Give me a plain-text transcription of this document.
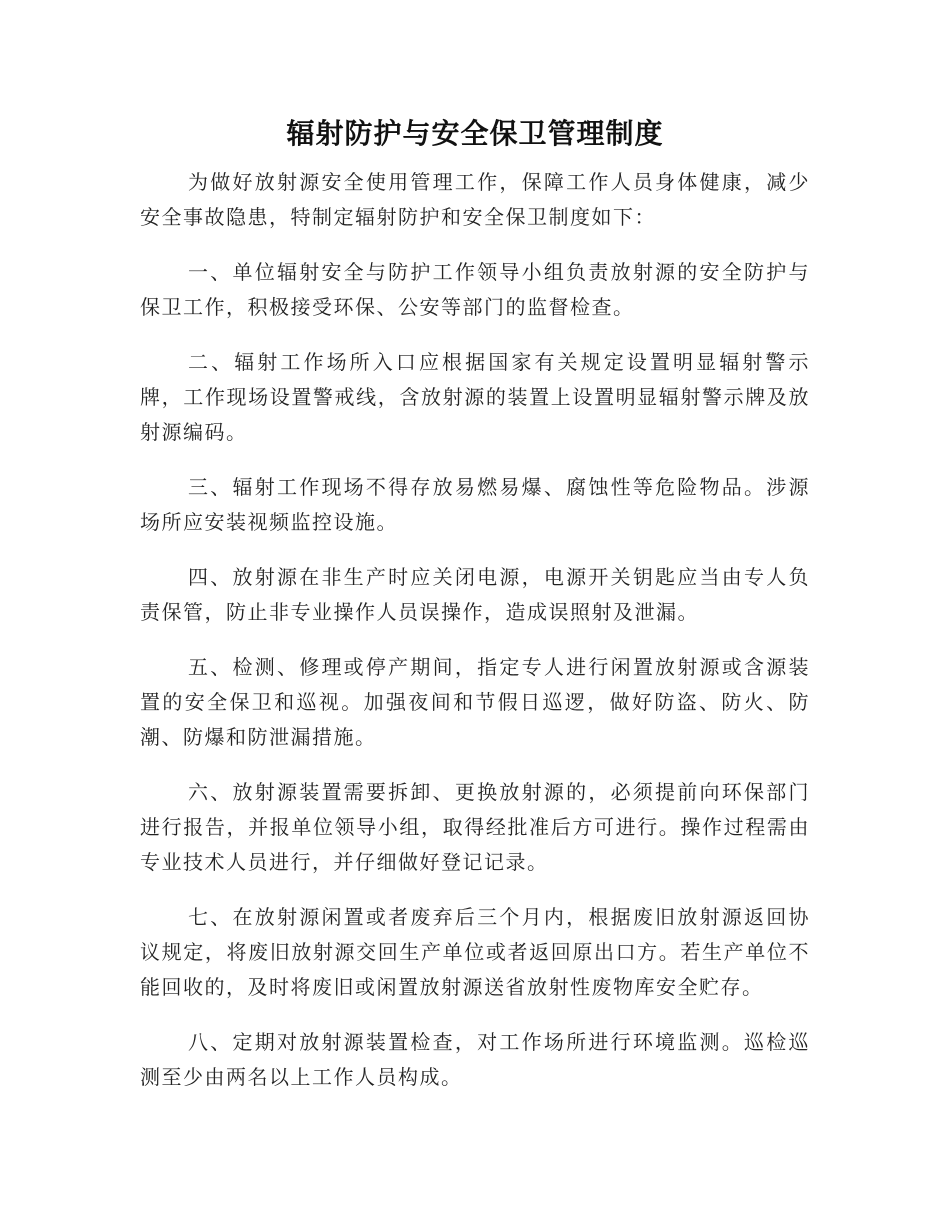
辐射防护与安全保卫管理制度

为做好放射源安全使用管理工作，保障工作人员身体健康，减少安全事故隐患，特制定辐射防护和安全保卫制度如下：

一、单位辐射安全与防护工作领导小组负责放射源的安全防护与保卫工作，积极接受环保、公安等部门的监督检查。

二、辐射工作场所入口应根据国家有关规定设置明显辐射警示牌，工作现场设置警戒线，含放射源的装置上设置明显辐射警示牌及放射源编码。

三、辐射工作现场不得存放易燃易爆、腐蚀性等危险物品。涉源场所应安装视频监控设施。

四、放射源在非生产时应关闭电源，电源开关钥匙应当由专人负责保管，防止非专业操作人员误操作，造成误照射及泄漏。

五、检测、修理或停产期间，指定专人进行闲置放射源或含源装置的安全保卫和巡视。加强夜间和节假日巡逻，做好防盗、防火、防潮、防爆和防泄漏措施。

六、放射源装置需要拆卸、更换放射源的，必须提前向环保部门进行报告，并报单位领导小组，取得经批准后方可进行。操作过程需由专业技术人员进行，并仔细做好登记记录。

七、在放射源闲置或者废弃后三个月内，根据废旧放射源返回协议规定，将废旧放射源交回生产单位或者返回原出口方。若生产单位不能回收的，及时将废旧或闲置放射源送省放射性废物库安全贮存。

八、定期对放射源装置检查，对工作场所进行环境监测。巡检巡测至少由两名以上工作人员构成。
